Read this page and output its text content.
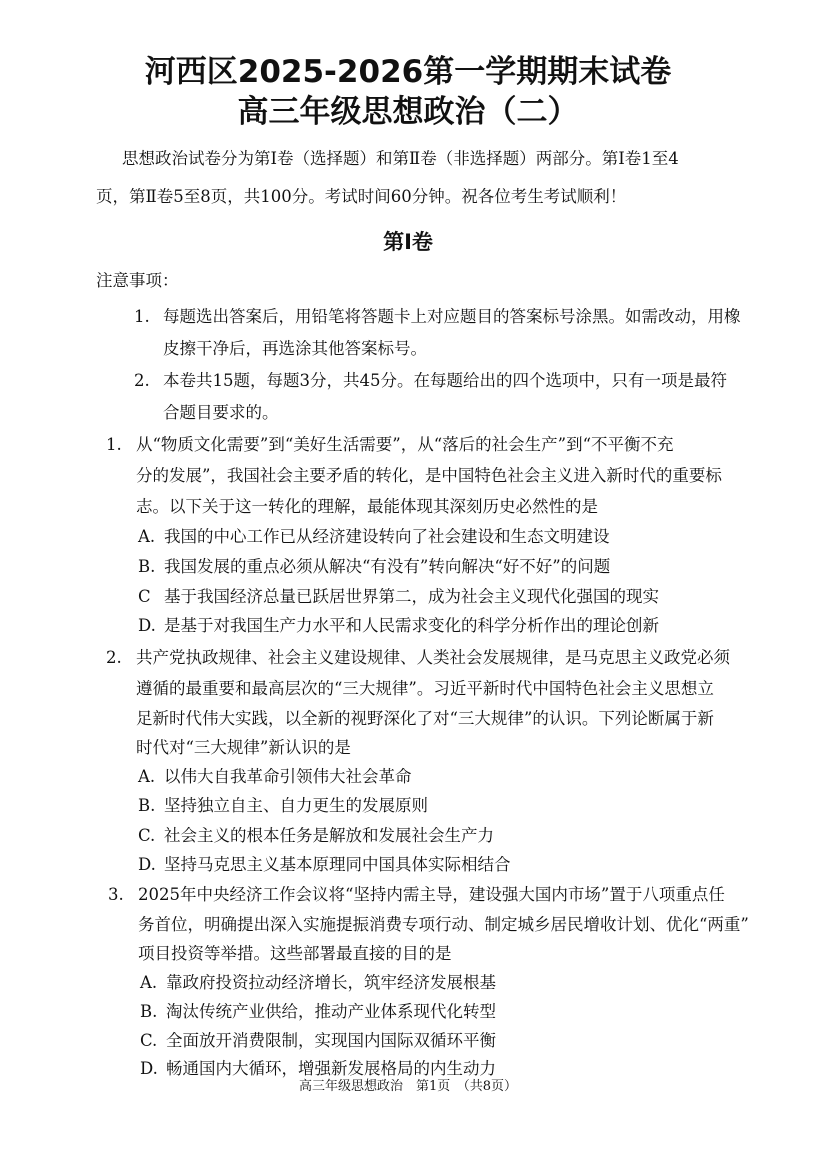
河西区2025-2026第一学期期末试卷
高三年级思想政治（二）
思想政治试卷分为第Ⅰ卷（选择题）和第Ⅱ卷（非选择题）两部分。第Ⅰ卷1至4
页，第Ⅱ卷5至8页，共100分。考试时间60分钟。祝各位考生考试顺利！
第Ⅰ卷
注意事项：
1. 每题选出答案后，用铅笔将答题卡上对应题目的答案标号涂黑。如需改动，用橡
皮擦干净后，再选涂其他答案标号。
2. 本卷共15题，每题3分，共45分。在每题给出的四个选项中，只有一项是最符
合题目要求的。
1. 从“物质文化需要”到“美好生活需要”，从“落后的社会生产”到“不平衡不充
分的发展”，我国社会主要矛盾的转化，是中国特色社会主义进入新时代的重要标
志。以下关于这一转化的理解，最能体现其深刻历史必然性的是
A. 我国的中心工作已从经济建设转向了社会建设和生态文明建设
B. 我国发展的重点必须从解决“有没有”转向解决“好不好”的问题
C 基于我国经济总量已跃居世界第二，成为社会主义现代化强国的现实
D. 是基于对我国生产力水平和人民需求变化的科学分析作出的理论创新
2. 共产党执政规律、社会主义建设规律、人类社会发展规律，是马克思主义政党必须
遵循的最重要和最高层次的“三大规律”。习近平新时代中国特色社会主义思想立
足新时代伟大实践，以全新的视野深化了对“三大规律”的认识。下列论断属于新
时代对“三大规律”新认识的是
A. 以伟大自我革命引领伟大社会革命
B. 坚持独立自主、自力更生的发展原则
C. 社会主义的根本任务是解放和发展社会生产力
D. 坚持马克思主义基本原理同中国具体实际相结合
3. 2025年中央经济工作会议将“坚持内需主导，建设强大国内市场”置于八项重点任
务首位，明确提出深入实施提振消费专项行动、制定城乡居民增收计划、优化“两重”
项目投资等举措。这些部署最直接的目的是
A. 靠政府投资拉动经济增长，筑牢经济发展根基
B. 淘汰传统产业供给，推动产业体系现代化转型
C. 全面放开消费限制，实现国内国际双循环平衡
D. 畅通国内大循环，增强新发展格局的内生动力
高三年级思想政治　第1页　（共8页）
